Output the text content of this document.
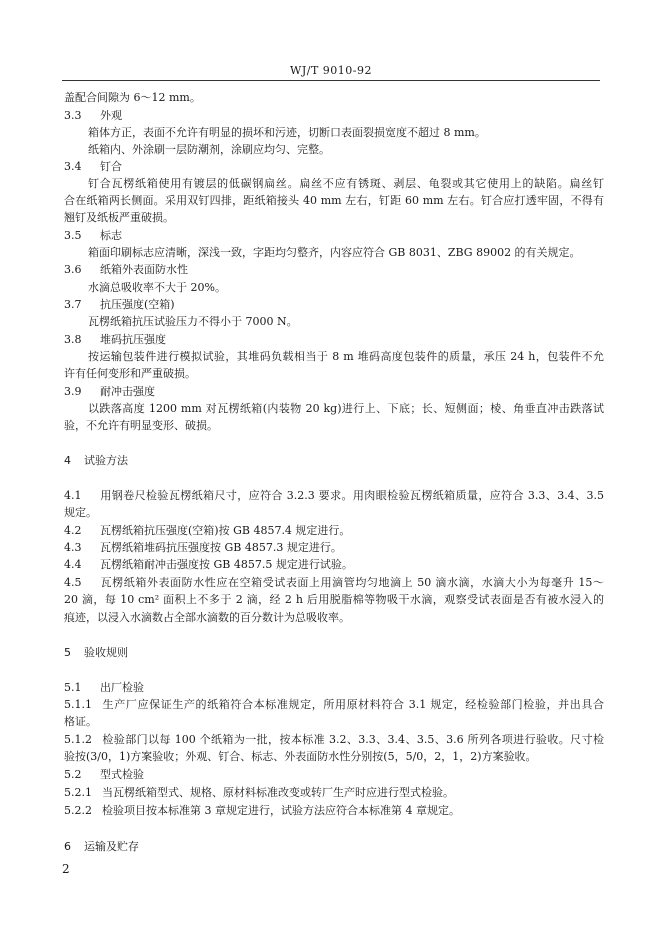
WJ/T 9010-92
盖配合间隙为 6～12 mm。
3.3 外观
箱体方正，表面不允许有明显的损坏和污迹，切断口表面裂损宽度不超过 8 mm。
纸箱内、外涂刷一层防潮剂，涂刷应均匀、完整。
3.4 钉合
钉合瓦楞纸箱使用有镀层的低碳钢扁丝。扁丝不应有锈斑、剥层、龟裂或其它使用上的缺陷。扁丝钉
合在纸箱两长侧面。采用双钉四排，距纸箱接头 40 mm 左右，钉距 60 mm 左右。钉合应打透牢固，不得有
翘钉及纸板严重破损。
3.5 标志
箱面印刷标志应清晰，深浅一致，字距均匀整齐，内容应符合 GB 8031、ZBG 89002 的有关规定。
3.6 纸箱外表面防水性
水滴总吸收率不大于 20%。
3.7 抗压强度(空箱)
瓦楞纸箱抗压试验压力不得小于 7000 N。
3.8 堆码抗压强度
按运输包装件进行模拟试验，其堆码负载相当于 8 m 堆码高度包装件的质量，承压 24 h，包装件不允
许有任何变形和严重破损。
3.9 耐冲击强度
以跌落高度 1200 mm 对瓦楞纸箱(内装物 20 kg)进行上、下底；长、短侧面；棱、角垂直冲击跌落试
验，不允许有明显变形、破损。
4 试验方法
4.1 用钢卷尺检验瓦楞纸箱尺寸，应符合 3.2.3 要求。用肉眼检验瓦楞纸箱质量，应符合 3.3、3.4、3.5
规定。
4.2 瓦楞纸箱抗压强度(空箱)按 GB 4857.4 规定进行。
4.3 瓦楞纸箱堆码抗压强度按 GB 4857.3 规定进行。
4.4 瓦楞纸箱耐冲击强度按 GB 4857.5 规定进行试验。
4.5 瓦楞纸箱外表面防水性应在空箱受试表面上用滴管均匀地滴上 50 滴水滴，水滴大小为每毫升 15～
20 滴，每 10 cm² 面积上不多于 2 滴，经 2 h 后用脱脂棉等物吸干水滴，观察受试表面是否有被水浸入的
痕迹，以浸入水滴数占全部水滴数的百分数计为总吸收率。
5 验收规则
5.1 出厂检验
5.1.1 生产厂应保证生产的纸箱符合本标准规定，所用原材料符合 3.1 规定，经检验部门检验，并出具合
格证。
5.1.2 检验部门以每 100 个纸箱为一批，按本标准 3.2、3.3、3.4、3.5、3.6 所列各项进行验收。尺寸检
验按(3/0，1)方案验收；外观、钉合、标志、外表面防水性分别按(5，5/0，2，1，2)方案验收。
5.2 型式检验
5.2.1 当瓦楞纸箱型式、规格、原材料标准改变或转厂生产时应进行型式检验。
5.2.2 检验项目按本标准第 3 章规定进行，试验方法应符合本标准第 4 章规定。
6 运输及贮存
2
